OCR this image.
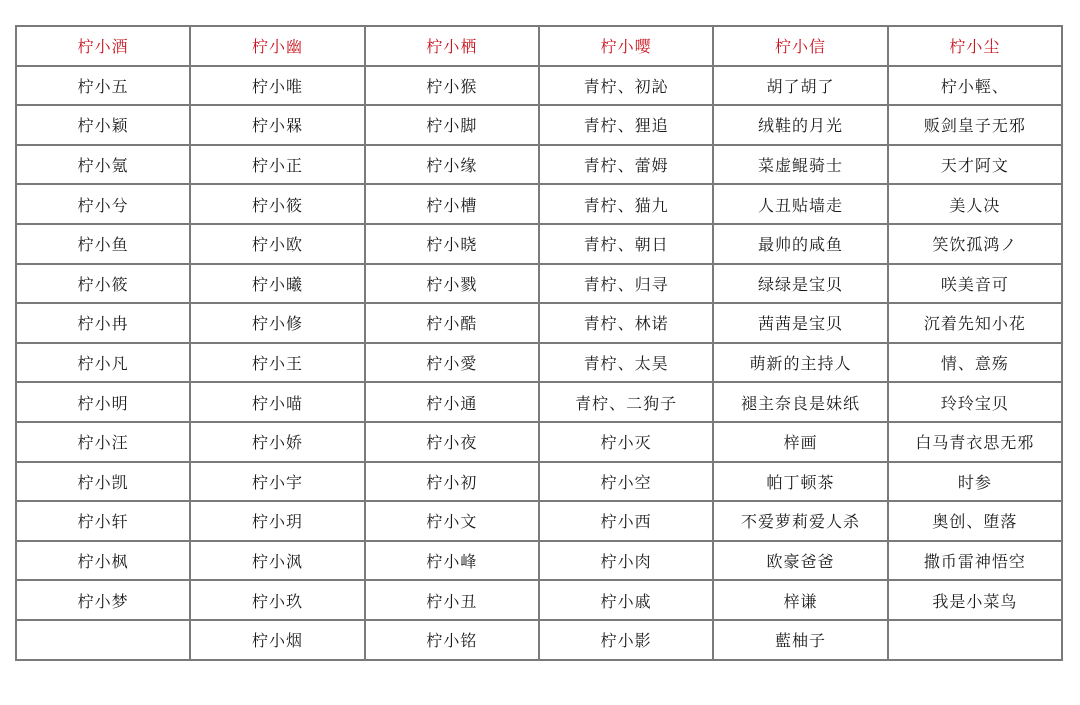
柠小酒	柠小幽	柠小栖	柠小嘤	柠小信	柠小尘
柠小五	柠小唯	柠小猴	青柠、初訫	胡了胡了	柠小輕、
柠小颖	柠小槑	柠小脚	青柠、狸追	绒鞋的月光	贩剑皇子无邪
柠小氪	柠小正	柠小缘	青柠、蕾姆	菜虚鲲骑士	天才阿文
柠小兮	柠小筱	柠小槽	青柠、猫九	人丑贴墙走	美人决
柠小鱼	柠小欧	柠小晓	青柠、朝日	最帅的咸鱼	笑饮孤鸿ノ
柠小筱	柠小曦	柠小戮	青柠、归寻	绿绿是宝贝	咲美音可
柠小冉	柠小修	柠小酷	青柠、林诺	茜茜是宝贝	沉着先知小花
柠小凡	柠小王	柠小愛	青柠、太昊	萌新的主持人	情、意殇
柠小明	柠小喵	柠小通	青柠、二狗子	褪主奈良是妹纸	玲玲宝贝
柠小汪	柠小娇	柠小夜	柠小灭	梓画	白马青衣思无邪
柠小凯	柠小宇	柠小初	柠小空	帕丁顿茶	时参
柠小轩	柠小玥	柠小文	柠小西	不爱萝莉爱人杀	奥创、堕落
柠小枫	柠小沨	柠小峰	柠小肉	欧豪爸爸	撒币雷神悟空
柠小梦	柠小玖	柠小丑	柠小戚	梓谦	我是小菜鸟
	柠小烟	柠小铭	柠小影	藍柚子	
